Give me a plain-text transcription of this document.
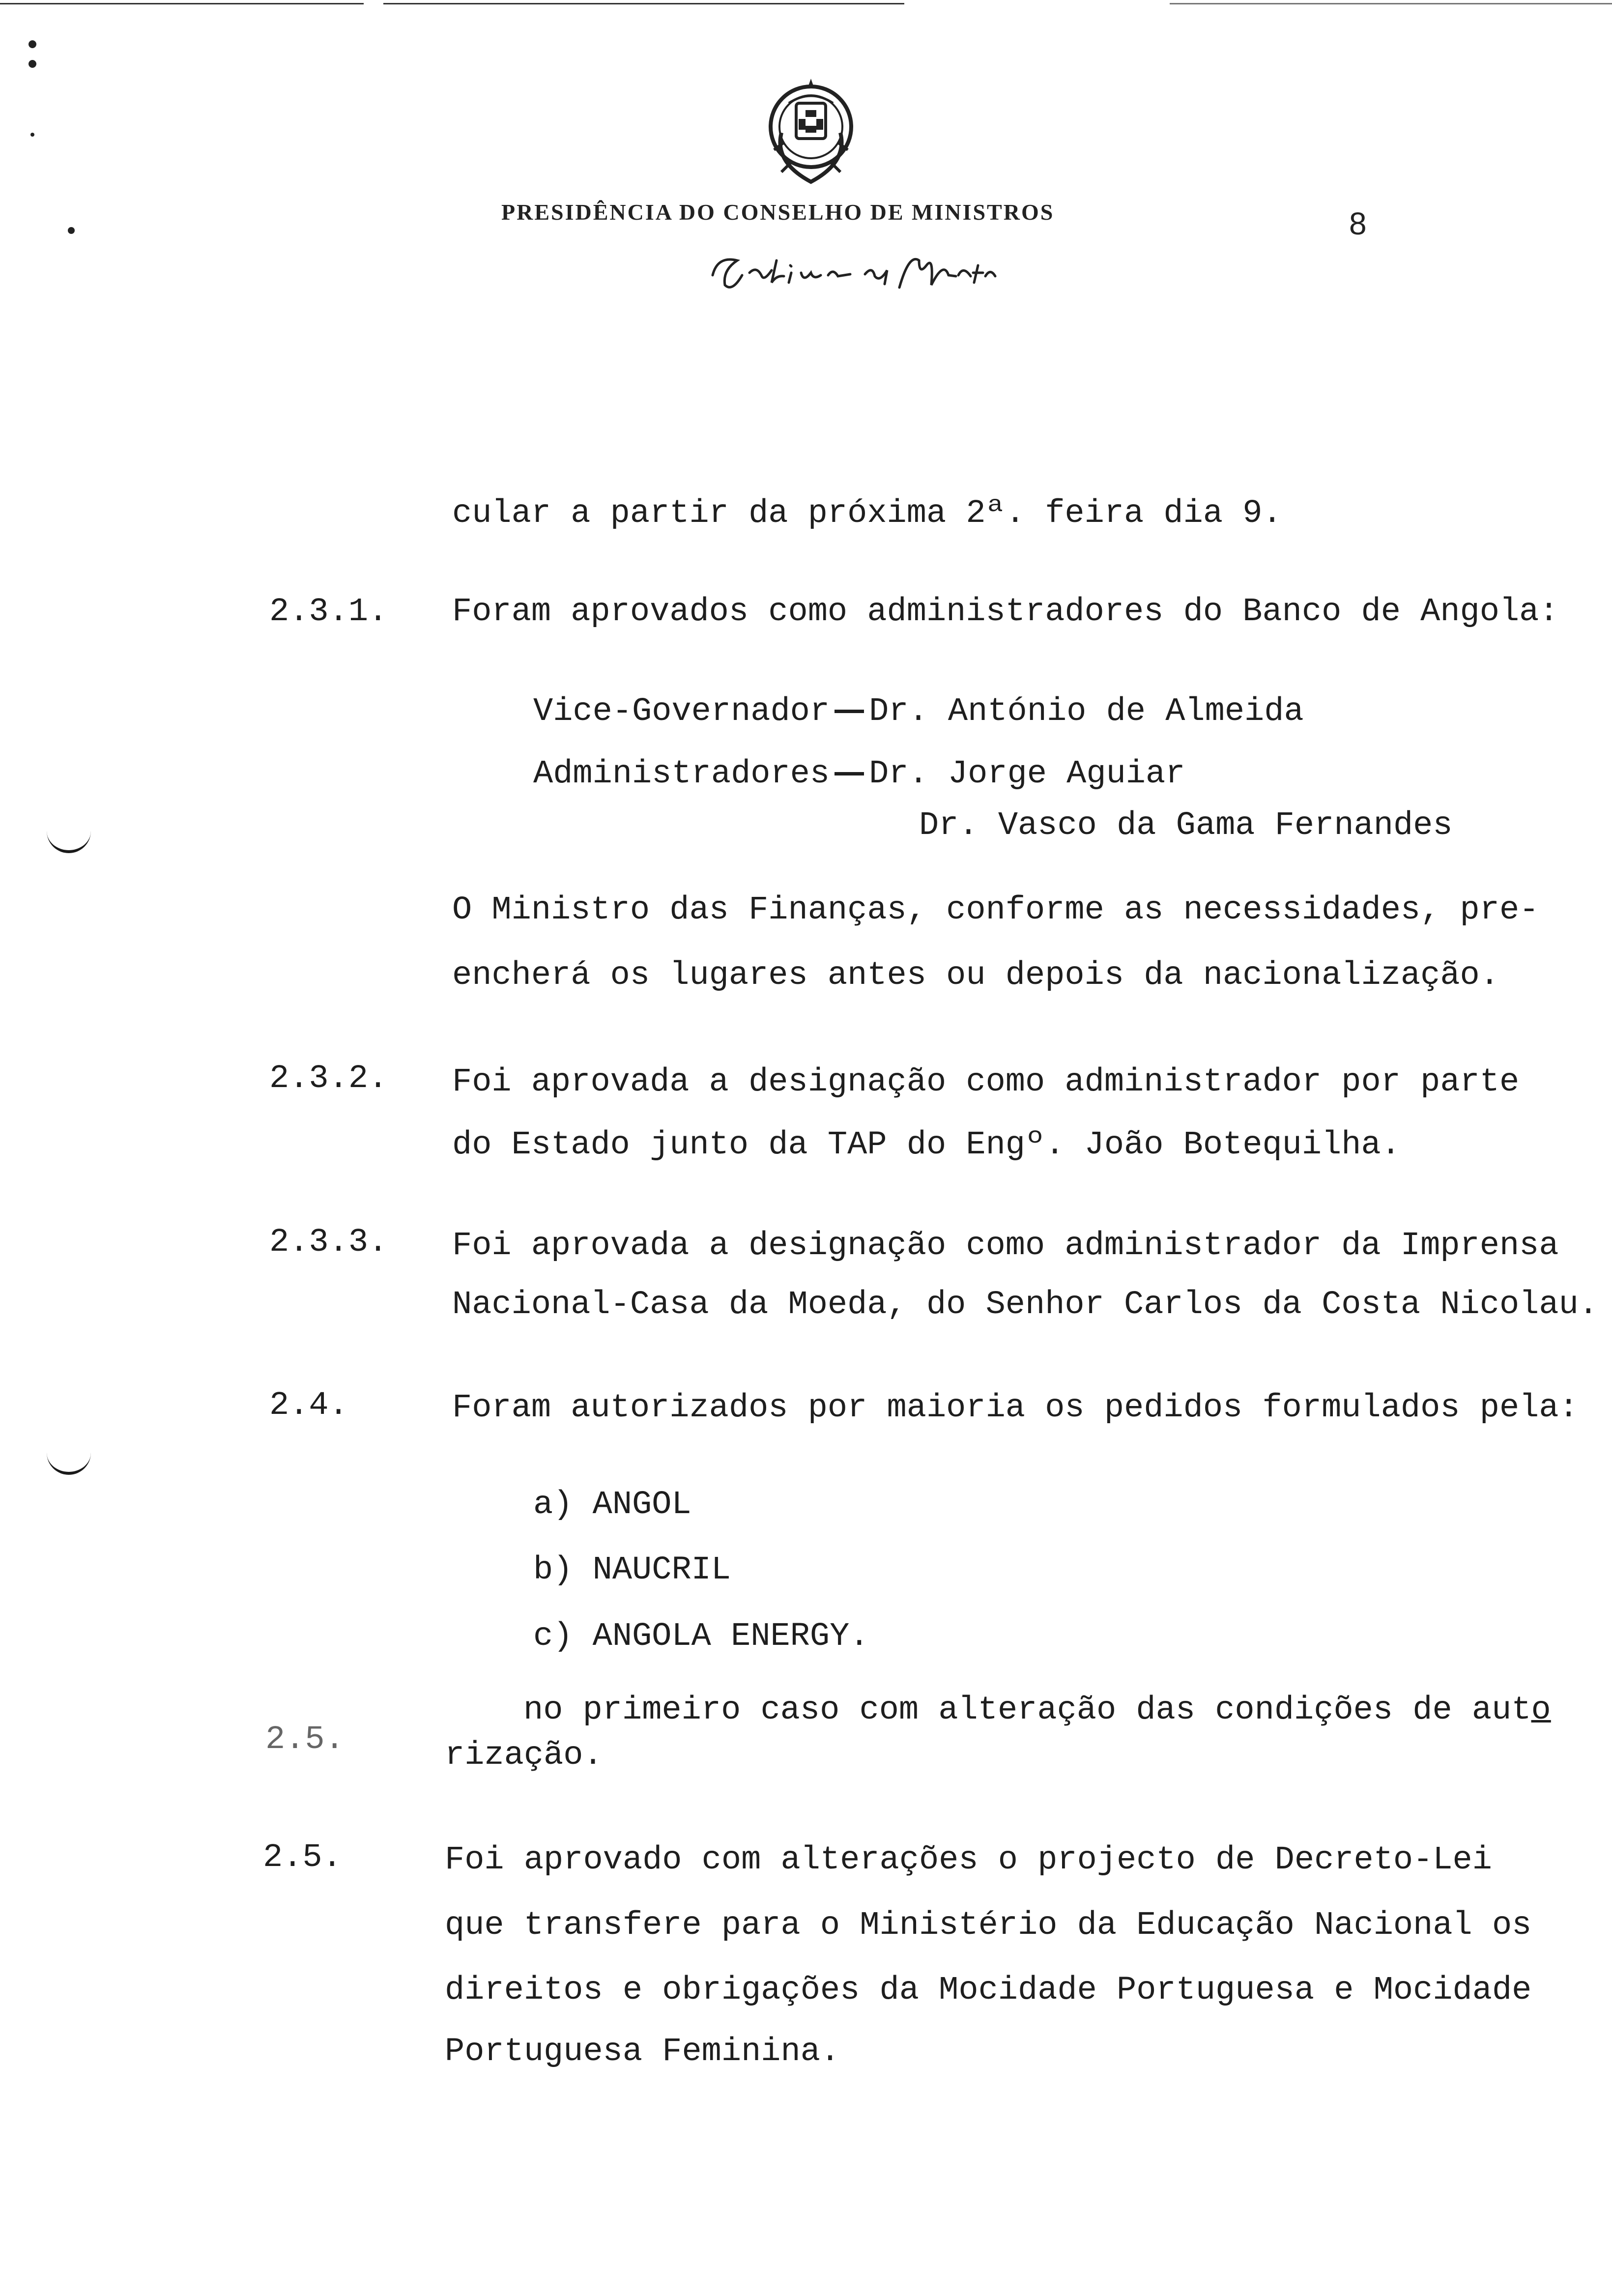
PRESIDÊNCIA DO CONSELHO DE MINISTROS	8
cular a partir da próxima 2ª. feira dia 9.
2.3.1. Foram aprovados como administradores do Banco de Angola:
Vice-Governador Dr. António de Almeida
Administradores Dr. Jorge Aguiar
Dr. Vasco da Gama Fernandes
O Ministro das Finanças, conforme as necessidades, pre-
encherá os lugares antes ou depois da nacionalização.
2.3.2. Foi aprovada a designação como administrador por parte
do Estado junto da TAP do Engº. João Botequilha.
2.3.3. Foi aprovada a designação como administrador da Imprensa
Nacional-Casa da Moeda, do Senhor Carlos da Costa Nicolau.
2.4.	Foram autorizados por maioria os pedidos formulados pela:
a) ANGOL
b) NAUCRIL
c) ANGOLA ENERGY.
2.5.
no primeiro caso com alteração das condições de auto
rização.
2.5.	Foi aprovado com alterações o projecto de Decreto-Lei
que transfere para o Ministério da Educação Nacional os
direitos e obrigações da Mocidade Portuguesa e Mocidade
Portuguesa Feminina.
